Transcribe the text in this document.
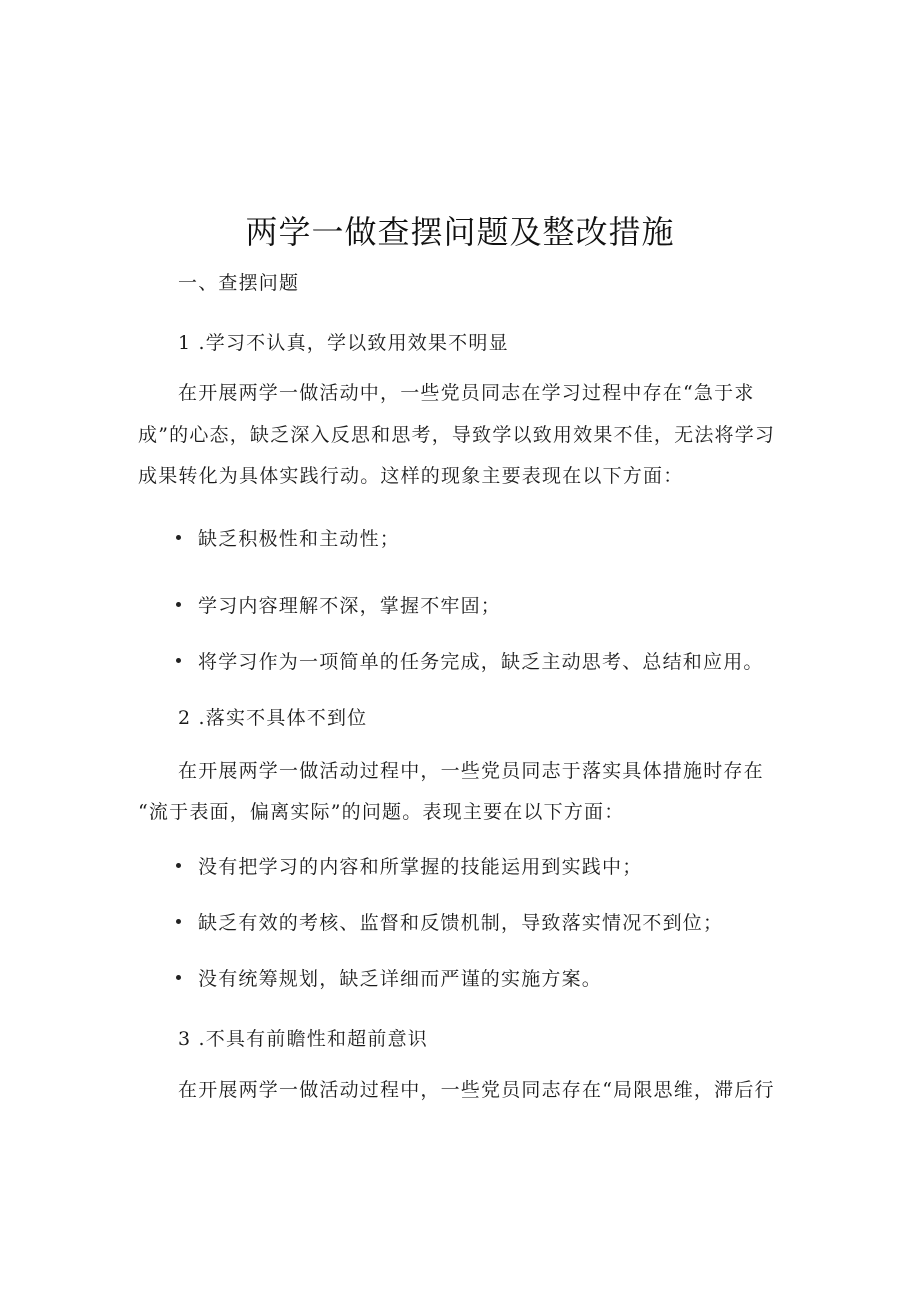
两学一做查摆问题及整改措施

一、查摆问题

1 .学习不认真，学以致用效果不明显

在开展两学一做活动中，一些党员同志在学习过程中存在“急于求

成”的心态，缺乏深入反思和思考，导致学以致用效果不佳，无法将学习

成果转化为具体实践行动。这样的现象主要表现在以下方面：

缺乏积极性和主动性；

学习内容理解不深，掌握不牢固；

将学习作为一项简单的任务完成，缺乏主动思考、总结和应用。

2 .落实不具体不到位

在开展两学一做活动过程中，一些党员同志于落实具体措施时存在

“流于表面，偏离实际”的问题。表现主要在以下方面：

没有把学习的内容和所掌握的技能运用到实践中；

缺乏有效的考核、监督和反馈机制，导致落实情况不到位；

没有统筹规划，缺乏详细而严谨的实施方案。

3 .不具有前瞻性和超前意识

在开展两学一做活动过程中，一些党员同志存在“局限思维，滞后行
